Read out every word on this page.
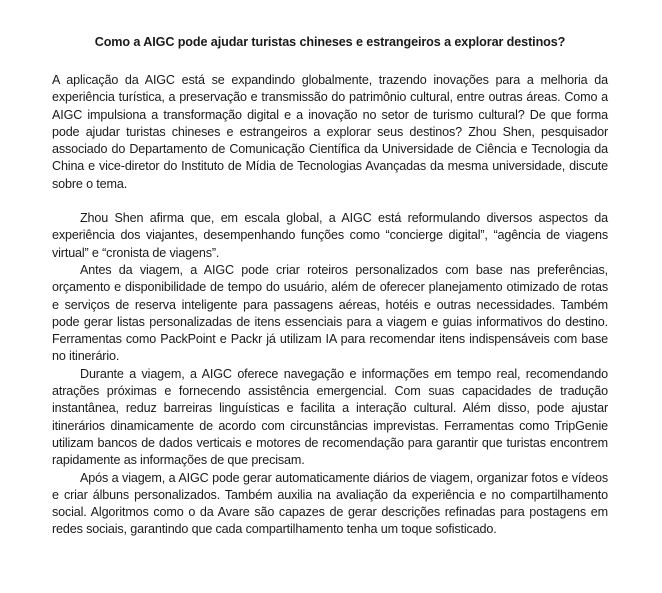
Como a AIGC pode ajudar turistas chineses e estrangeiros a explorar destinos?

A aplicação da AIGC está se expandindo globalmente, trazendo inovações para a melhoria da experiência turística, a preservação e transmissão do patrimônio cultural, entre outras áreas. Como a AIGC impulsiona a transformação digital e a inovação no setor de turismo cultural? De que forma pode ajudar turistas chineses e estrangeiros a explorar seus destinos? Zhou Shen, pesquisador associado do Departamento de Comunicação Científica da Universidade de Ciência e Tecnologia da China e vice-diretor do Instituto de Mídia de Tecnologias Avançadas da mesma universidade, discute sobre o tema.

Zhou Shen afirma que, em escala global, a AIGC está reformulando diversos aspectos da experiência dos viajantes, desempenhando funções como “concierge digital”, “agência de viagens virtual” e “cronista de viagens”.

Antes da viagem, a AIGC pode criar roteiros personalizados com base nas preferências, orçamento e disponibilidade de tempo do usuário, além de oferecer planejamento otimizado de rotas e serviços de reserva inteligente para passagens aéreas, hotéis e outras necessidades. Também pode gerar listas personalizadas de itens essenciais para a viagem e guias informativos do destino. Ferramentas como PackPoint e Packr já utilizam IA para recomendar itens indispensáveis com base no itinerário.

Durante a viagem, a AIGC oferece navegação e informações em tempo real, recomendando atrações próximas e fornecendo assistência emergencial. Com suas capacidades de tradução instantânea, reduz barreiras linguísticas e facilita a interação cultural. Além disso, pode ajustar itinerários dinamicamente de acordo com circunstâncias imprevistas. Ferramentas como TripGenie utilizam bancos de dados verticais e motores de recomendação para garantir que turistas encontrem rapidamente as informações de que precisam.

Após a viagem, a AIGC pode gerar automaticamente diários de viagem, organizar fotos e vídeos e criar álbuns personalizados. Também auxilia na avaliação da experiência e no compartilhamento social. Algoritmos como o da Avare são capazes de gerar descrições refinadas para postagens em redes sociais, garantindo que cada compartilhamento tenha um toque sofisticado.
